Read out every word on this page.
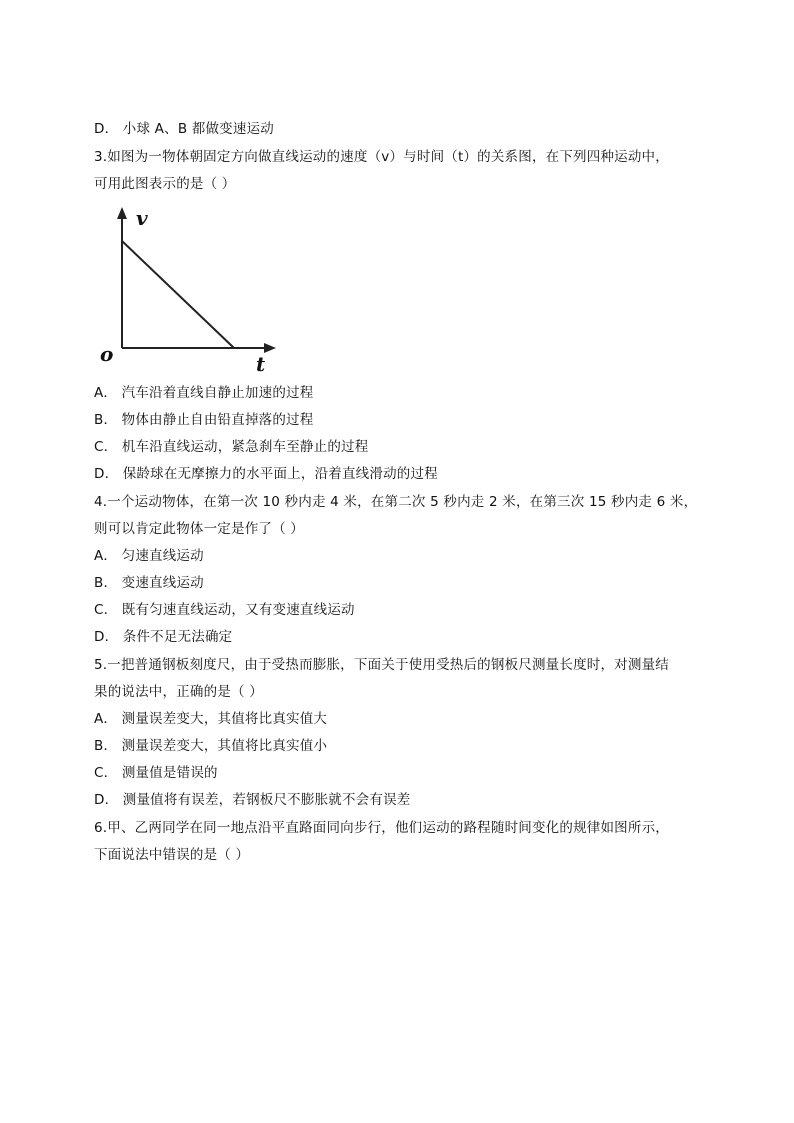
D． 小球 A、B 都做变速运动
3.如图为一物体朝固定方向做直线运动的速度（v）与时间（t）的关系图，在下列四种运动中，
可用此图表示的是（ ）
v
t
o
A． 汽车沿着直线自静止加速的过程
B． 物体由静止自由铅直掉落的过程
C． 机车沿直线运动，紧急刹车至静止的过程
D． 保龄球在无摩擦力的水平面上，沿着直线滑动的过程
4.一个运动物体，在第一次 10 秒内走 4 米，在第二次 5 秒内走 2 米，在第三次 15 秒内走 6 米，
则可以肯定此物体一定是作了（ ）
A． 匀速直线运动
B． 变速直线运动
C． 既有匀速直线运动，又有变速直线运动
D． 条件不足无法确定
5.一把普通钢板刻度尺，由于受热而膨胀，下面关于使用受热后的钢板尺测量长度时，对测量结
果的说法中，正确的是（ ）
A． 测量误差变大，其值将比真实值大
B． 测量误差变大，其值将比真实值小
C． 测量值是错误的
D． 测量值将有误差，若钢板尺不膨胀就不会有误差
6.甲、乙两同学在同一地点沿平直路面同向步行，他们运动的路程随时间变化的规律如图所示，
下面说法中错误的是（ ）
